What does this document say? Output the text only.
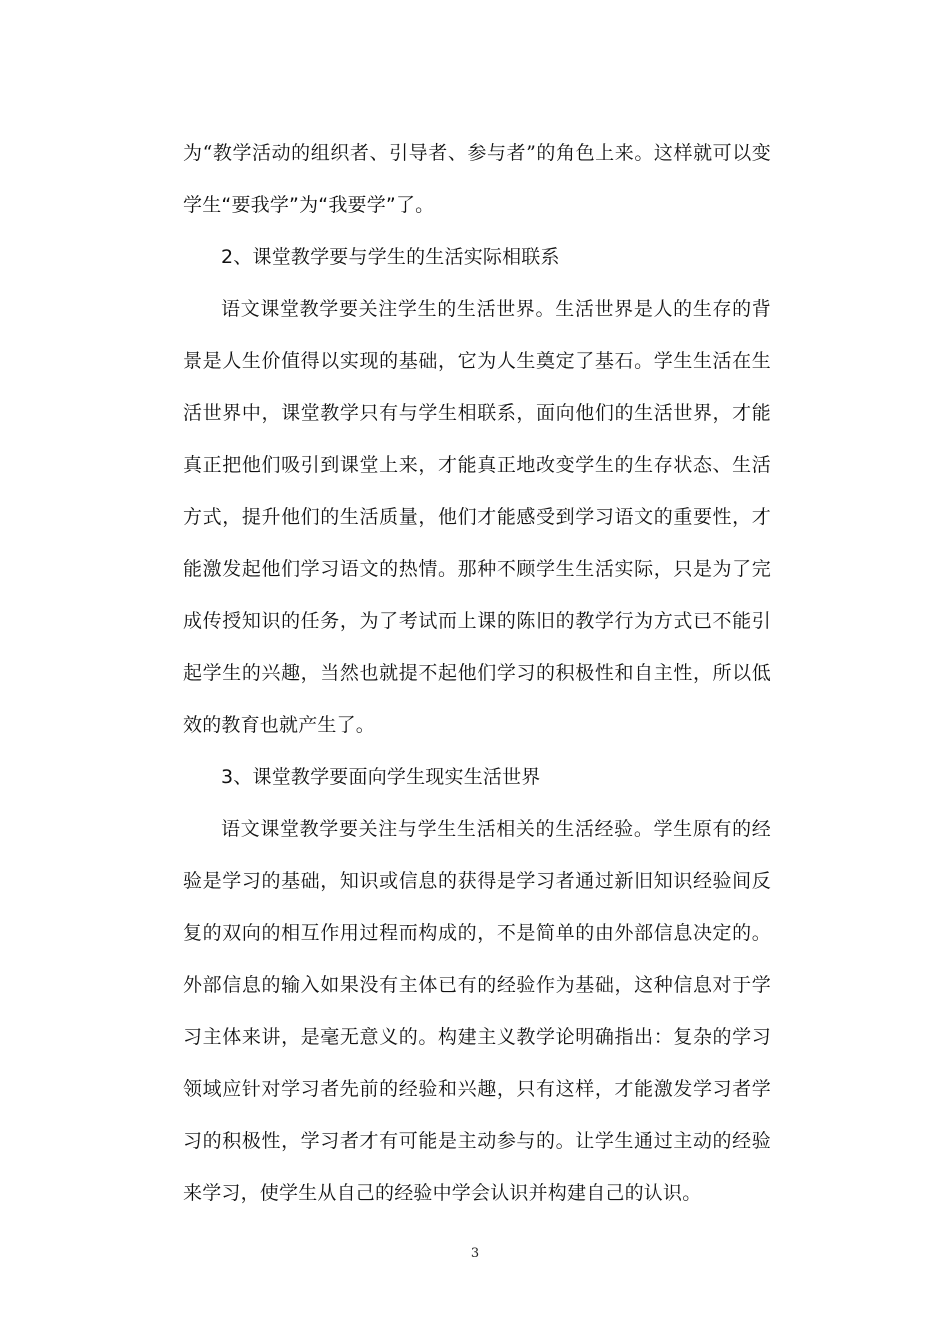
为“教学活动的组织者、引导者、参与者”的角色上来。这样就可以变学生“要我学”为“我要学”了。

2、课堂教学要与学生的生活实际相联系

语文课堂教学要关注学生的生活世界。生活世界是人的生存的背景是人生价值得以实现的基础，它为人生奠定了基石。学生生活在生活世界中，课堂教学只有与学生相联系，面向他们的生活世界，才能真正把他们吸引到课堂上来，才能真正地改变学生的生存状态、生活方式，提升他们的生活质量，他们才能感受到学习语文的重要性，才能激发起他们学习语文的热情。那种不顾学生生活实际，只是为了完成传授知识的任务，为了考试而上课的陈旧的教学行为方式已不能引起学生的兴趣，当然也就提不起他们学习的积极性和自主性，所以低效的教育也就产生了。

3、课堂教学要面向学生现实生活世界

语文课堂教学要关注与学生生活相关的生活经验。学生原有的经验是学习的基础，知识或信息的获得是学习者通过新旧知识经验间反复的双向的相互作用过程而构成的，不是简单的由外部信息决定的。外部信息的输入如果没有主体已有的经验作为基础，这种信息对于学习主体来讲，是毫无意义的。构建主义教学论明确指出：复杂的学习领域应针对学习者先前的经验和兴趣，只有这样，才能激发学习者学习的积极性，学习者才有可能是主动参与的。让学生通过主动的经验来学习，使学生从自己的经验中学会认识并构建自己的认识。

3
